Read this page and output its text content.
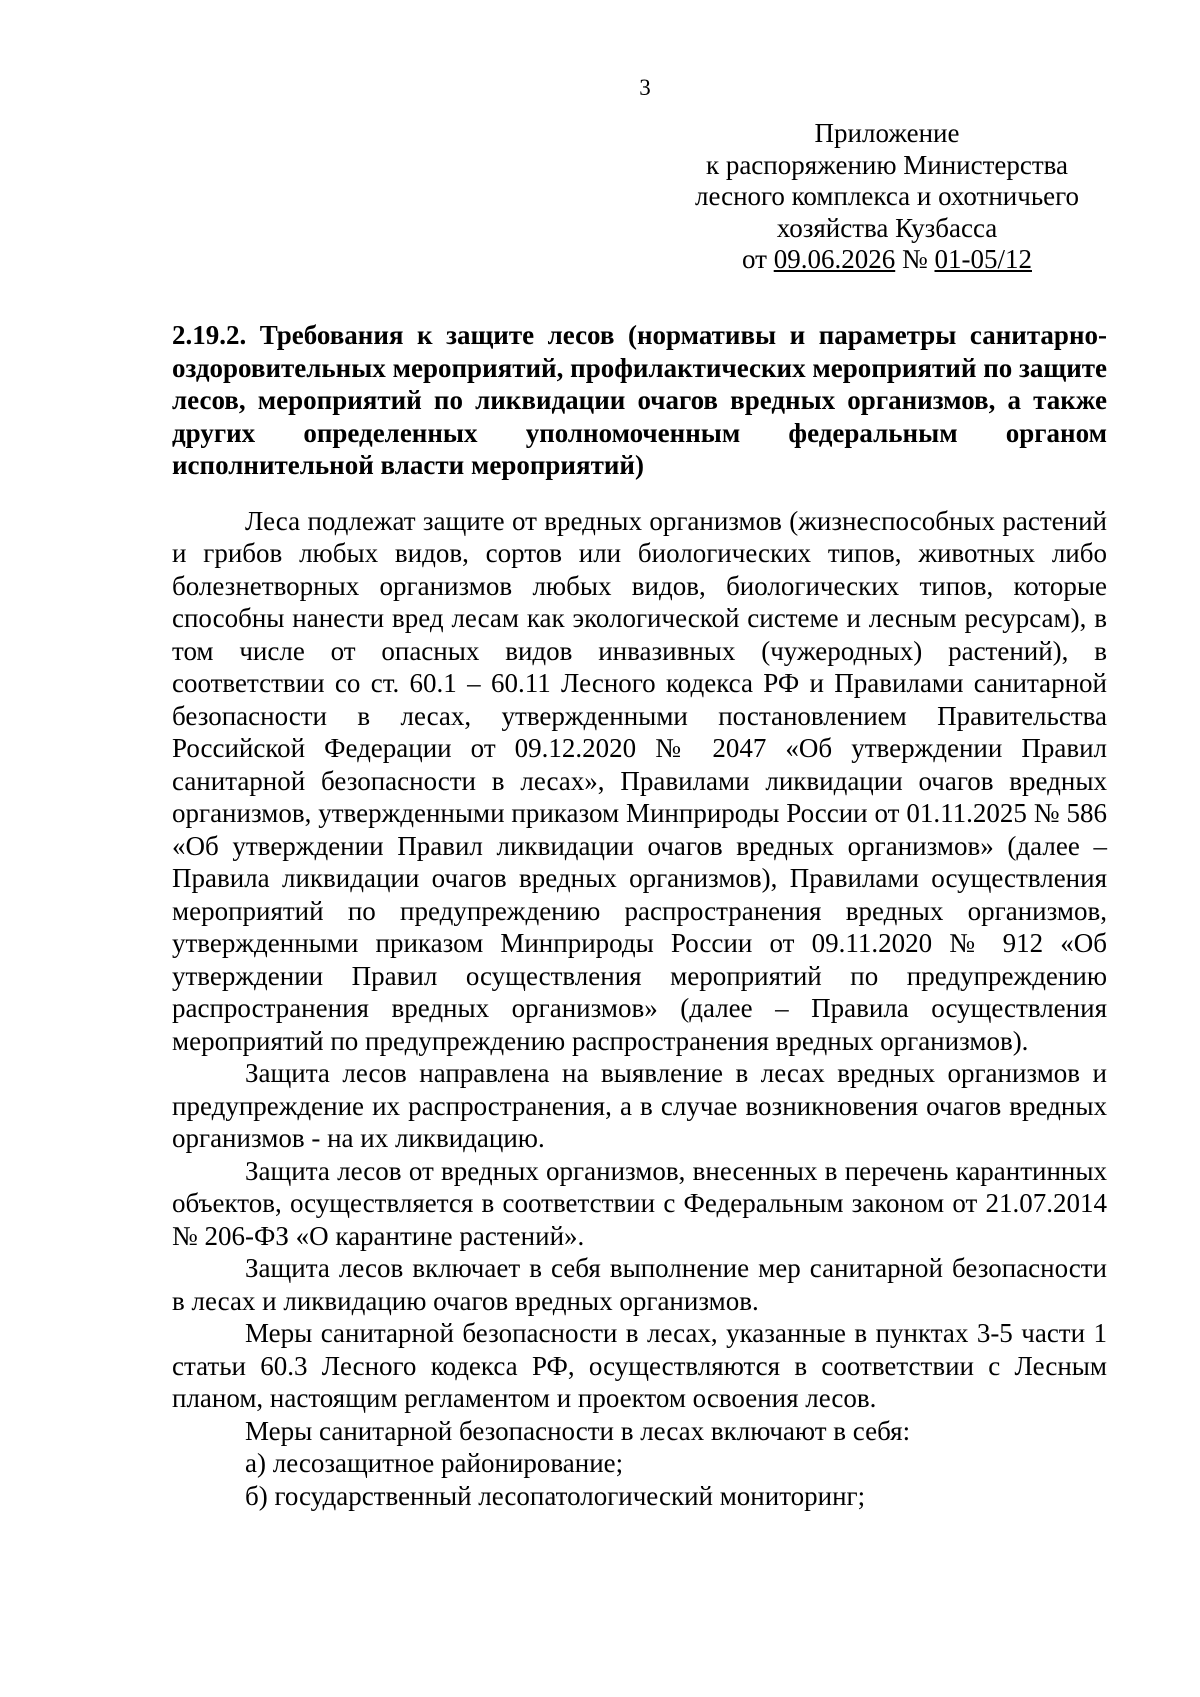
3
Приложение
к распоряжению Министерства
лесного комплекса и охотничьего
хозяйства Кузбасса
от 09.06.2026 № 01-05/12

2.19.2. Требования к защите лесов (нормативы и параметры санитарно-оздоровительных мероприятий, профилактических мероприятий по защите лесов, мероприятий по ликвидации очагов вредных организмов, а также других определенных уполномоченным федеральным органом исполнительной власти мероприятий)

Леса подлежат защите от вредных организмов (жизнеспособных растений и грибов любых видов, сортов или биологических типов, животных либо болезнетворных организмов любых видов, биологических типов, которые способны нанести вред лесам как экологической системе и лесным ресурсам), в том числе от опасных видов инвазивных (чужеродных) растений), в соответствии со ст. 60.1 – 60.11 Лесного кодекса РФ и Правилами санитарной безопасности в лесах, утвержденными постановлением Правительства Российской Федерации от 09.12.2020 № 2047 «Об утверждении Правил санитарной безопасности в лесах», Правилами ликвидации очагов вредных организмов, утвержденными приказом Минприроды России от 01.11.2025 № 586 «Об утверждении Правил ликвидации очагов вредных организмов» (далее – Правила ликвидации очагов вредных организмов), Правилами осуществления мероприятий по предупреждению распространения вредных организмов, утвержденными приказом Минприроды России от 09.11.2020 № 912 «Об утверждении Правил осуществления мероприятий по предупреждению распространения вредных организмов» (далее – Правила осуществления мероприятий по предупреждению распространения вредных организмов).

Защита лесов направлена на выявление в лесах вредных организмов и предупреждение их распространения, а в случае возникновения очагов вредных организмов - на их ликвидацию.

Защита лесов от вредных организмов, внесенных в перечень карантинных объектов, осуществляется в соответствии с Федеральным законом от 21.07.2014 № 206-ФЗ «О карантине растений».

Защита лесов включает в себя выполнение мер санитарной безопасности в лесах и ликвидацию очагов вредных организмов.

Меры санитарной безопасности в лесах, указанные в пунктах 3-5 части 1 статьи 60.3 Лесного кодекса РФ, осуществляются в соответствии с Лесным планом, настоящим регламентом и проектом освоения лесов.

Меры санитарной безопасности в лесах включают в себя:

а) лесозащитное районирование;

б) государственный лесопатологический мониторинг;
